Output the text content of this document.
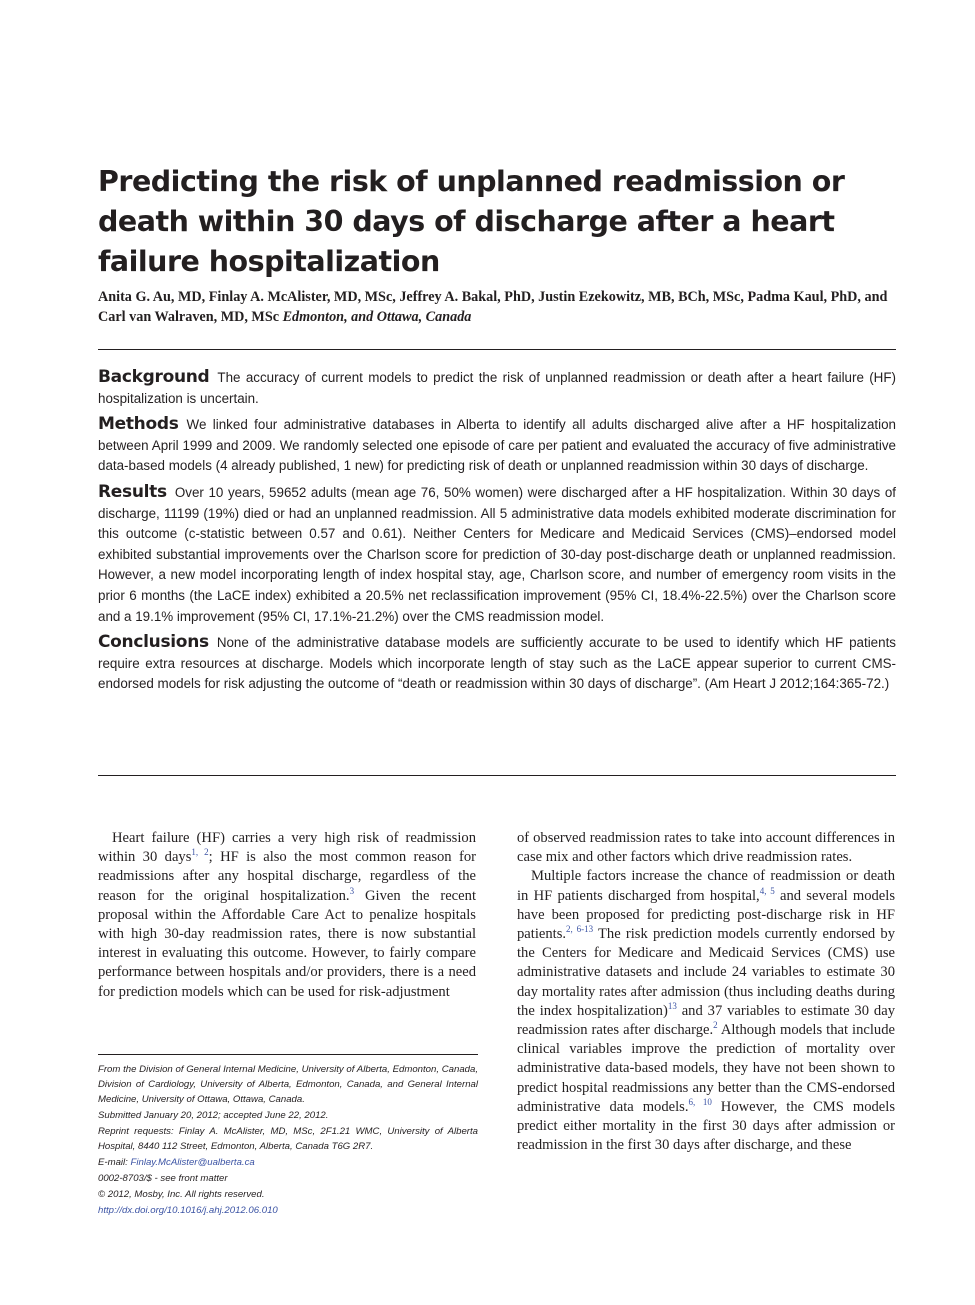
Predicting the risk of unplanned readmission or death within 30 days of discharge after a heart failure hospitalization
Anita G. Au, MD, Finlay A. McAlister, MD, MSc, Jeffrey A. Bakal, PhD, Justin Ezekowitz, MB, BCh, MSc, Padma Kaul, PhD, and Carl van Walraven, MD, MSc Edmonton, and Ottawa, Canada

Background The accuracy of current models to predict the risk of unplanned readmission or death after a heart failure (HF) hospitalization is uncertain.

Methods We linked four administrative databases in Alberta to identify all adults discharged alive after a HF hospitalization between April 1999 and 2009. We randomly selected one episode of care per patient and evaluated the accuracy of five administrative data-based models (4 already published, 1 new) for predicting risk of death or unplanned readmission within 30 days of discharge.

Results Over 10 years, 59652 adults (mean age 76, 50% women) were discharged after a HF hospitalization. Within 30 days of discharge, 11199 (19%) died or had an unplanned readmission. All 5 administrative data models exhibited moderate discrimination for this outcome (c-statistic between 0.57 and 0.61). Neither Centers for Medicare and Medicaid Services (CMS)–endorsed model exhibited substantial improvements over the Charlson score for prediction of 30-day post-discharge death or unplanned readmission. However, a new model incorporating length of index hospital stay, age, Charlson score, and number of emergency room visits in the prior 6 months (the LaCE index) exhibited a 20.5% net reclassification improvement (95% CI, 18.4%-22.5%) over the Charlson score and a 19.1% improvement (95% CI, 17.1%-21.2%) over the CMS readmission model.

Conclusions None of the administrative database models are sufficiently accurate to be used to identify which HF patients require extra resources at discharge. Models which incorporate length of stay such as the LaCE appear superior to current CMS-endorsed models for risk adjusting the outcome of “death or readmission within 30 days of discharge”. (Am Heart J 2012;164:365-72.)

Heart failure (HF) carries a very high risk of readmission within 30 days$^{1, 2}$; HF is also the most common reason for readmissions after any hospital discharge, regardless of the reason for the original hospitalization.$^3$ Given the recent proposal within the Affordable Care Act to penalize hospitals with high 30-day readmission rates, there is now substantial interest in evaluating this outcome. However, to fairly compare performance between hospitals and/or providers, there is a need for prediction models which can be used for risk-adjustment

of observed readmission rates to take into account differences in case mix and other factors which drive readmission rates.

Multiple factors increase the chance of readmission or death in HF patients discharged from hospital,$^{4, 5}$ and several models have been proposed for predicting post-discharge risk in HF patients.$^{2, 6-13}$ The risk prediction models currently endorsed by the Centers for Medicare and Medicaid Services (CMS) use administrative datasets and include 24 variables to estimate 30 day mortality rates after admission (thus including deaths during the index hospitalization)$^{13}$ and 37 variables to estimate 30 day readmission rates after discharge.$^2$ Although models that include clinical variables improve the prediction of mortality over administrative data-based models, they have not been shown to predict hospital readmissions any better than the CMS-endorsed administrative data models.$^{6, 10}$ However, the CMS models predict either mortality in the first 30 days after admission or readmission in the first 30 days after discharge, and these

From the Division of General Internal Medicine, University of Alberta, Edmonton, Canada, Division of Cardiology, University of Alberta, Edmonton, Canada, and General Internal Medicine, University of Ottawa, Ottawa, Canada.
Submitted January 20, 2012; accepted June 22, 2012.
Reprint requests: Finlay A. McAlister, MD, MSc, 2F1.21 WMC, University of Alberta Hospital, 8440 112 Street, Edmonton, Alberta, Canada T6G 2R7.
E-mail: Finlay.McAlister@ualberta.ca
0002-8703/$ - see front matter
© 2012, Mosby, Inc. All rights reserved.
http://dx.doi.org/10.1016/j.ahj.2012.06.010
